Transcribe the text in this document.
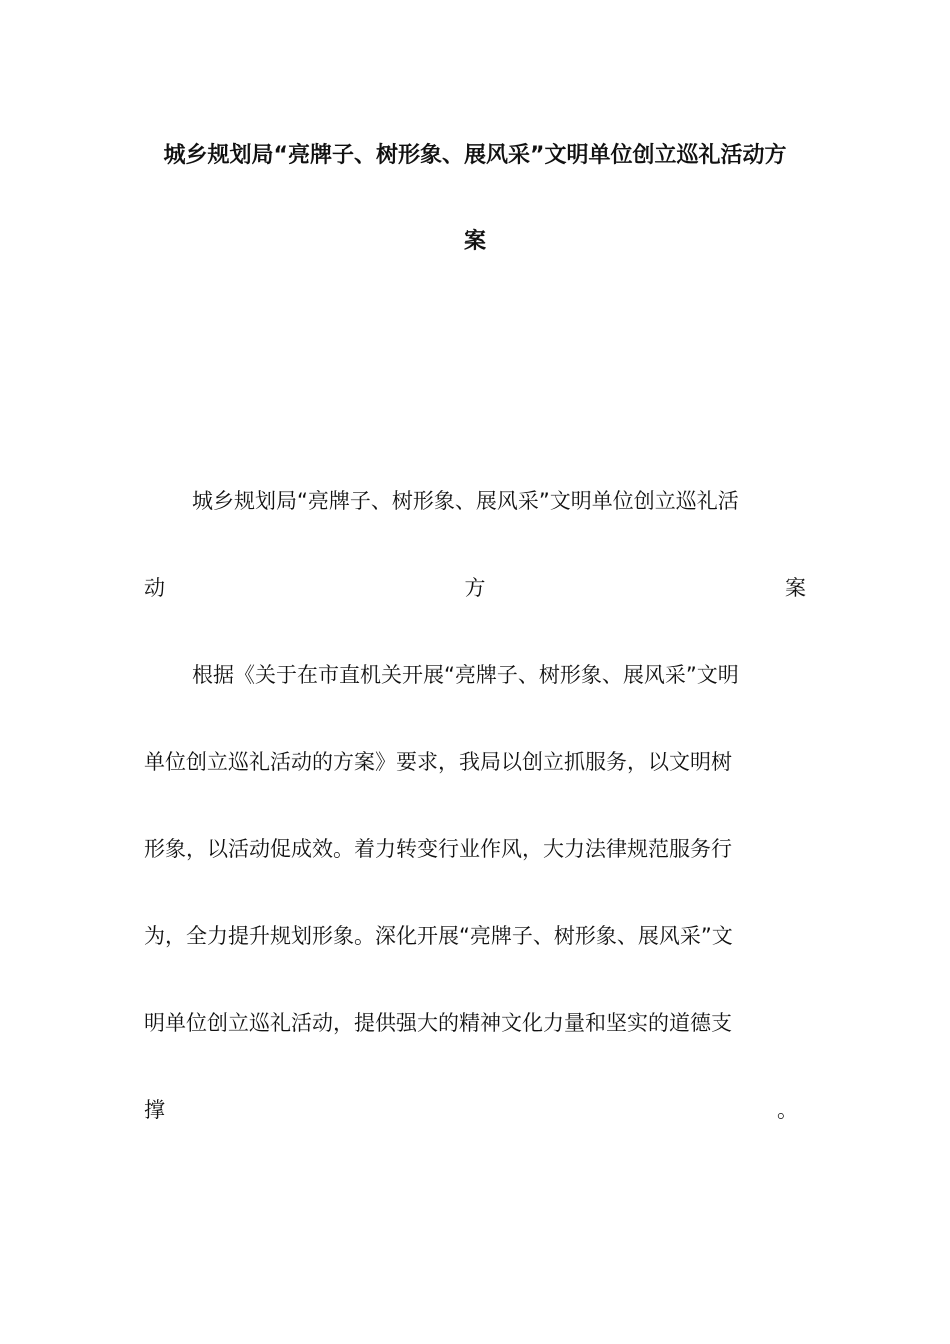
城乡规划局“亮牌子、树形象、展风采”文明单位创立巡礼活动方
案
城乡规划局“亮牌子、树形象、展风采”文明单位创立巡礼活
动	方	案
根据《关于在市直机关开展“亮牌子、树形象、展风采”文明
单位创立巡礼活动的方案》要求，我局以创立抓服务，以文明树
形象，以活动促成效。着力转变行业作风，大力法律规范服务行
为，全力提升规划形象。深化开展“亮牌子、树形象、展风采”文
明单位创立巡礼活动，提供强大的精神文化力量和坚实的道德支
撑	。
